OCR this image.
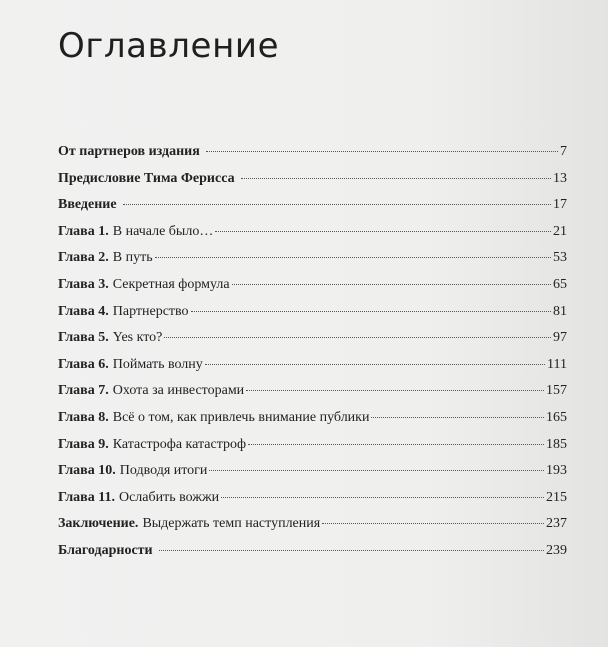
Оглавление
От партнеров издания	7
Предисловие Тима Ферисса	13
Введение	17
Глава 1. В начале было…	21
Глава 2. В путь	53
Глава 3. Секретная формула	65
Глава 4. Партнерство	81
Глава 5. Yes кто?	97
Глава 6. Поймать волну	111
Глава 7. Охота за инвесторами	157
Глава 8. Всё о том, как привлечь внимание публики	165
Глава 9. Катастрофа катастроф	185
Глава 10. Подводя итоги	193
Глава 11. Ослабить вожжи	215
Заключение. Выдержать темп наступления	237
Благодарности	239
